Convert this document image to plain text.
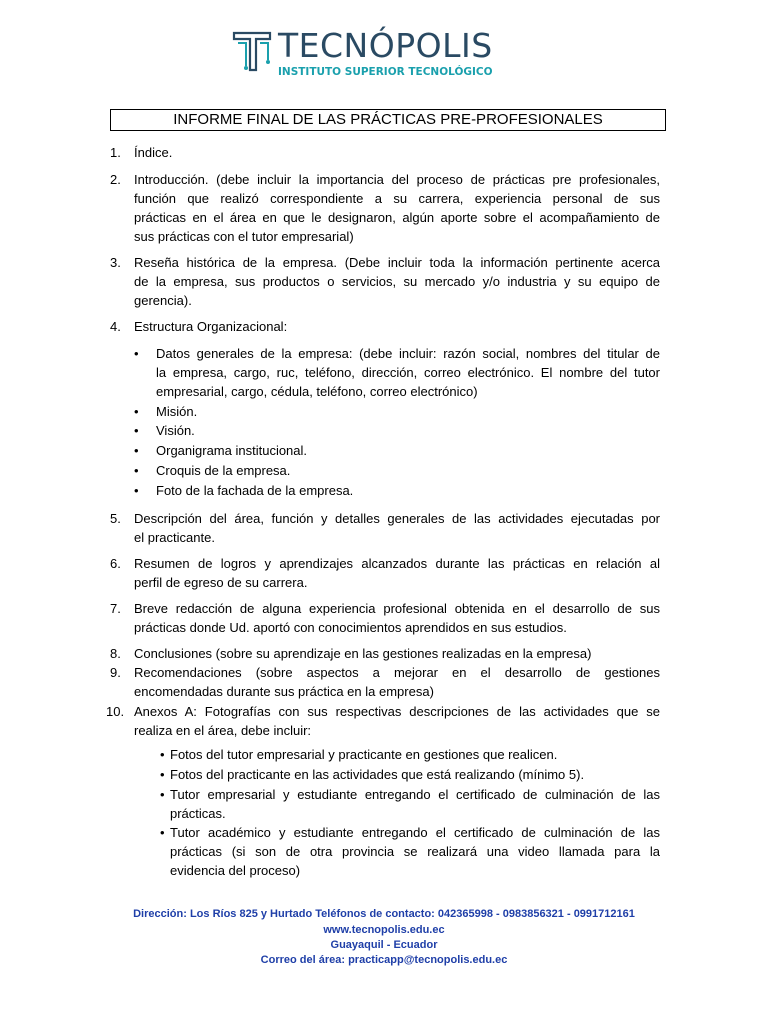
TECNÓPOLIS
INSTITUTO SUPERIOR TECNOLÓGICO
INFORME FINAL DE LAS PRÁCTICAS PRE-PROFESIONALES
1. Índice.
2. Introducción. (debe incluir la importancia del proceso de prácticas pre profesionales,
función que realizó correspondiente a su carrera, experiencia personal de sus
prácticas en el área en que le designaron, algún aporte sobre el acompañamiento de
sus prácticas con el tutor empresarial)
3. Reseña histórica de la empresa. (Debe incluir toda la información pertinente acerca
de la empresa, sus productos o servicios, su mercado y/o industria y su equipo de
gerencia).
4. Estructura Organizacional:
5. Descripción del área, función y detalles generales de las actividades ejecutadas por
el practicante.
6. Resumen de logros y aprendizajes alcanzados durante las prácticas en relación al
perfil de egreso de su carrera.
7. Breve redacción de alguna experiencia profesional obtenida en el desarrollo de sus
prácticas donde Ud. aportó con conocimientos aprendidos en sus estudios.
8. Conclusiones (sobre su aprendizaje en las gestiones realizadas en la empresa)
9. Recomendaciones (sobre aspectos a mejorar en el desarrollo de gestiones
encomendadas durante sus práctica en la empresa)
10. Anexos A: Fotografías con sus respectivas descripciones de las actividades que se
realiza en el área, debe incluir:
• Datos generales de la empresa: (debe incluir: razón social, nombres del titular de
la empresa, cargo, ruc, teléfono, dirección, correo electrónico. El nombre del tutor
empresarial, cargo, cédula, teléfono, correo electrónico)
• Misión.
• Visión.
• Organigrama institucional.
• Croquis de la empresa.
• Foto de la fachada de la empresa.
• Fotos del tutor empresarial y practicante en gestiones que realicen.
• Fotos del practicante en las actividades que está realizando (mínimo 5).
• Tutor empresarial y estudiante entregando el certificado de culminación de las
prácticas.
• Tutor académico y estudiante entregando el certificado de culminación de las
prácticas (si son de otra provincia se realizará una video llamada para la
evidencia del proceso)
Dirección: Los Ríos 825 y Hurtado Teléfonos de contacto: 042365998 - 0983856321 - 0991712161
www.tecnopolis.edu.ec
Guayaquil - Ecuador
Correo del área: practicapp@tecnopolis.edu.ec
